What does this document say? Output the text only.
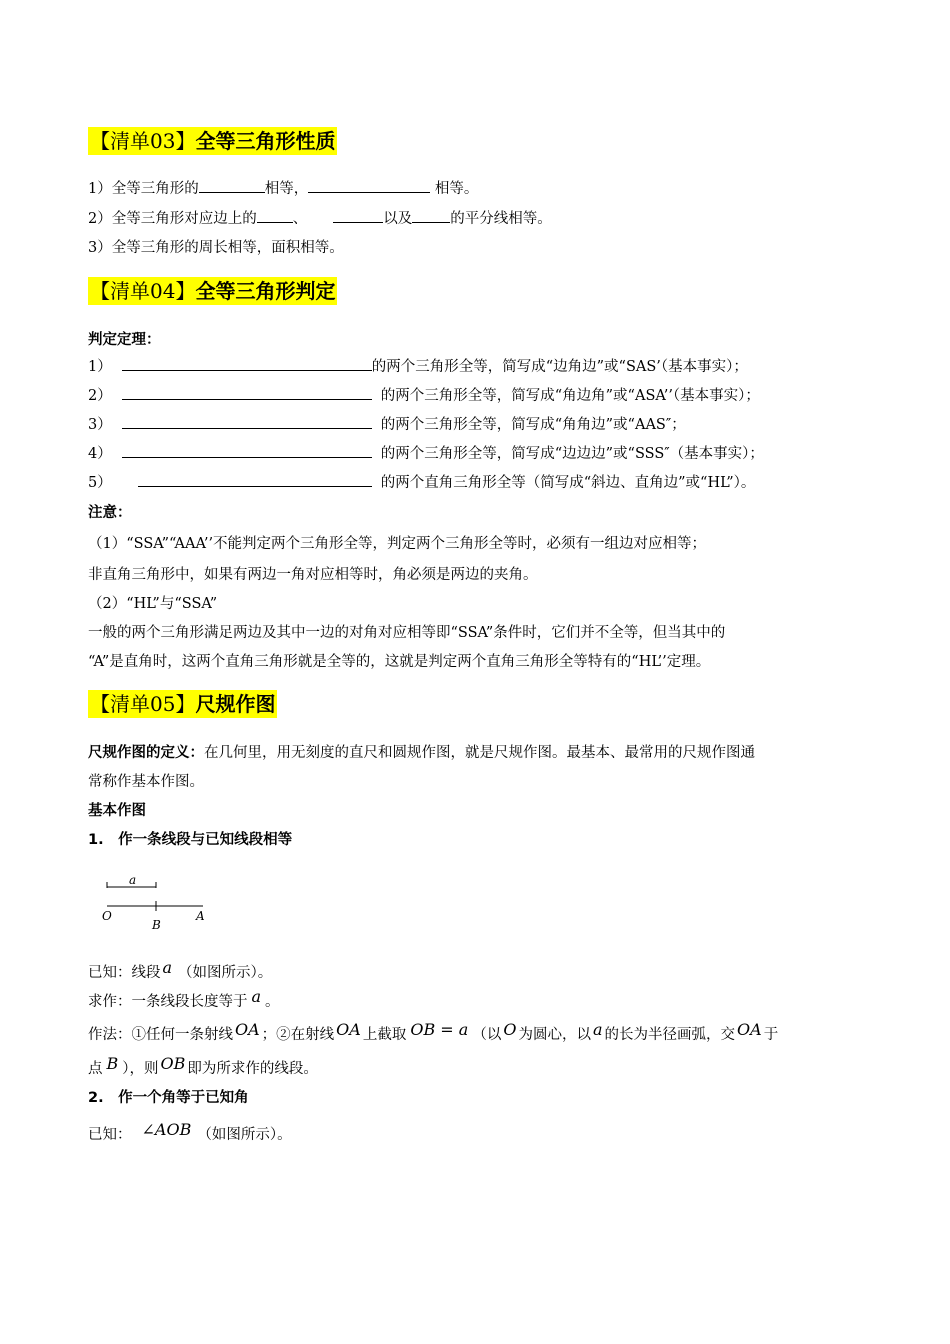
【清单03】全等三角形性质
1）全等三角形的	相等，	相等。
2）全等三角形对应边上的 、	以及	的平分线相等。
3）全等三角形的周长相等，面积相等。
【清单04】全等三角形判定
判定定理：
1）	的两个三角形全等，简写成“边角边”或“SAS’（基本事实）；
2）	的两个三角形全等，简写成“角边角”或“ASA’’（基本事实）；
3）	的两个三角形全等，简写成“角角边”或“AAS″；
4）	的两个三角形全等，简写成“边边边”或“SSS″（基本事实）；
5）	的两个直角三角形全等（简写成“斜边、直角边”或“HL”）。
注意：
（1）“SSA”“AAA’’不能判定两个三角形全等，判定两个三角形全等时，必须有一组边对应相等；
非直角三角形中，如果有两边一角对应相等时，角必须是两边的夹角。
（2）“HL”与“SSA”
一般的两个三角形满足两边及其中一边的对角对应相等即“SSA”条件时，它们并不全等，但当其中的
“A”是直角时，这两个直角三角形就是全等的，这就是判定两个直角三角形全等特有的“HL’’定理。
【清单05】尺规作图
尺规作图的定义：在几何里，用无刻度的直尺和圆规作图，就是尺规作图。最基本、最常用的尺规作图通
常称作基本作图。
基本作图
1.　作一条线段与已知线段相等
a
O
B
A
已知：线段 a （如图所示）。
求作：一条线段长度等于 a 。
作法：①任何一条射线 OA ；②在射线 OA 上截取 OB = a （以 O 为圆心，以 a 的长为半径画弧，交 OA 于
点 B ），则 OB 即为所求作的线段。
2.　作一个角等于已知角
已知： ∠AOB （如图所示）。
